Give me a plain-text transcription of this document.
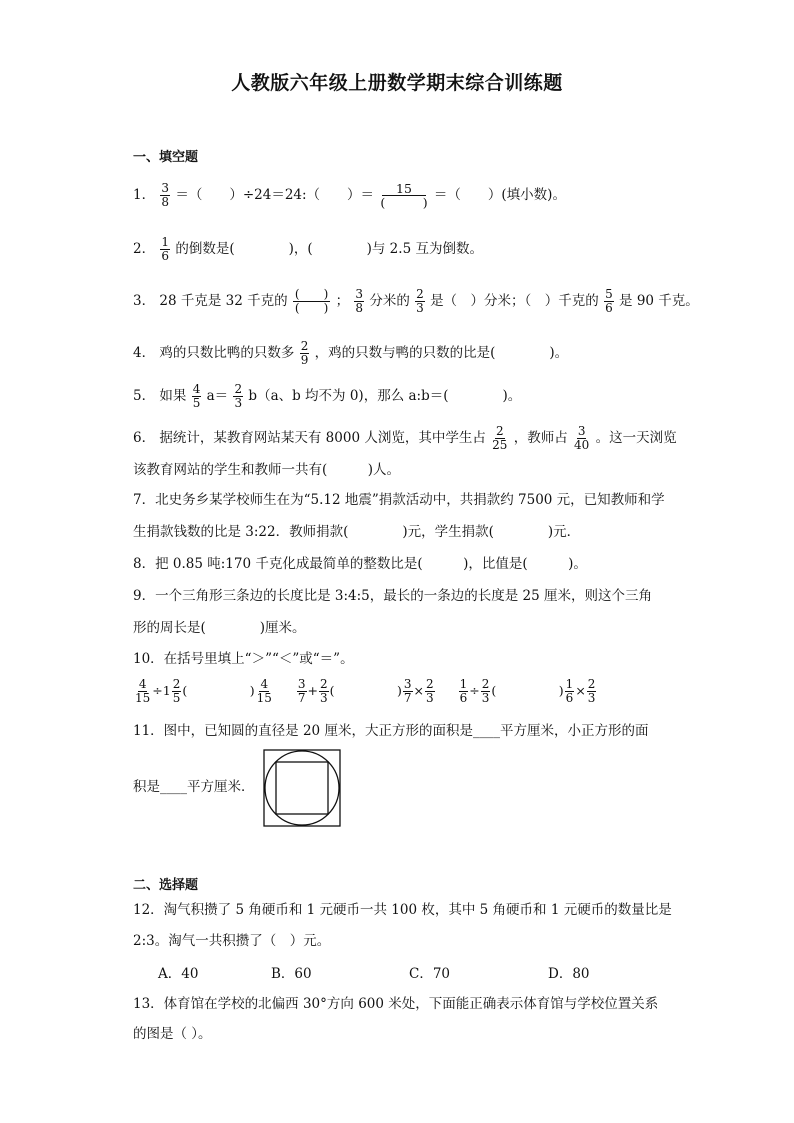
人教版六年级上册数学期末综合训练题
一、填空题
1． $\frac{3}{8}$ ＝（　　）÷24＝24:（　　）＝ $\frac{15}{( )}$ ＝（　　）(填小数)。
2． $\frac{1}{6}$ 的倒数是(　　　　)，(　　　　)与 2.5 互为倒数。
3． 28 千克是 32 千克的 $\frac{( )}{( )}$ ； $\frac{3}{8}$ 分米的 $\frac{2}{3}$ 是（　）分米；（　）千克的 $\frac{5}{6}$ 是 90 千克。
4． 鸡的只数比鸭的只数多 $\frac{2}{9}$ ，鸡的只数与鸭的只数的比是(　　　　)。
5． 如果 $\frac{4}{5} a= \frac{2}{3} b(a$、b 均不为 0)，那么 a:b＝(　　　　)。
6． 据统计，某教育网站某天有 8000 人浏览，其中学生占 $\frac{2}{25}$ ，教师占 $\frac{3}{40}$ 。这一天浏览
该教育网站的学生和教师一共有(　　　)人。
7．北史务乡某学校师生在为“5.12 地震”捐款活动中，共捐款约 7500 元，已知教师和学
生捐款钱数的比是 3:22．教师捐款(　　　　)元，学生捐款(　　　　)元．
8．把 0.85 吨:170 千克化成最简单的整数比是(　　　)，比值是(　　　)。
9．一个三角形三条边的长度比是 3:4:5，最长的一条边的长度是 25 厘米，则这个三角
形的周长是(　　　　)厘米。
10．在括号里填上“＞”“＜”或“＝”。
$\frac{4}{15} \div 1 \frac{2}{5}$ (　　　　　) $\frac{4}{15}$
$\frac{3}{7} + \frac{2}{3}$ (　　　　　) $\frac{3}{7} \times \frac{2}{3}$
$\frac{1}{6} \div \frac{2}{3}$ (　　　　　) $\frac{1}{6} \times \frac{2}{3}$
11．图中，已知圆的直径是 20 厘米，大正方形的面积是____平方厘米，小正方形的面
积是____平方厘米．
二、选择题
12．淘气积攒了 5 角硬币和 1 元硬币一共 100 枚，其中 5 角硬币和 1 元硬币的数量比是
2:3。淘气一共积攒了（　）元。
A．40	B．60	C．70	D．80
13．体育馆在学校的北偏西 30°方向 600 米处，下面能正确表示体育馆与学校位置关系
的图是（ ）。
